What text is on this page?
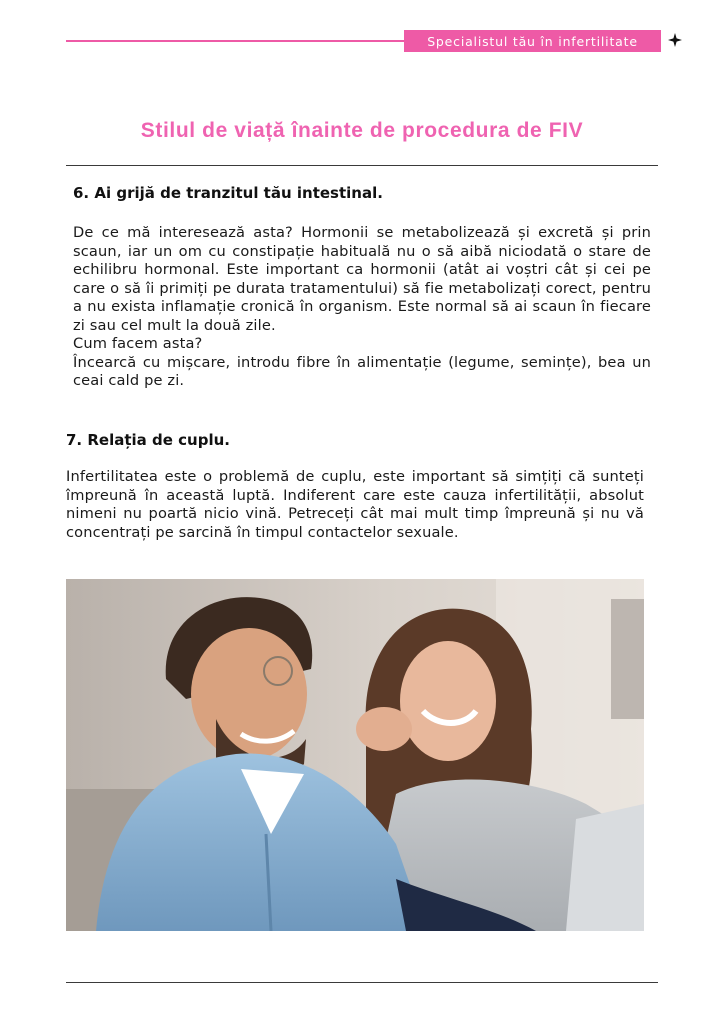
Specialistul tău în infertilitate
Stilul de viață înainte de procedura de FIV
6. Ai grijă de tranzitul tău intestinal.
De ce mă interesează asta? Hormonii se metabolizează și excretă și prin scaun, iar un om cu constipație habituală nu o să aibă niciodată o stare de echilibru hormonal. Este important ca hormonii (atât ai voștri cât și cei pe care o să îi primiți pe durata tratamentului) să fie metabolizați corect, pentru a nu exista inflamație cronică în organism. Este normal să ai scaun în fiecare zi sau cel mult la două zile.
Cum facem asta?
Încearcă cu mișcare, introdu fibre în alimentație (legume, semințe), bea un ceai cald pe zi.
7. Relația de cuplu.

Infertilitatea este o problemă de cuplu, este important să simțiți că sunteți împreună în această luptă. Indiferent care este cauza infertilității, absolut nimeni nu poartă nicio vină. Petreceți cât mai mult timp împreună și nu vă concentrați pe sarcină în timpul contactelor sexuale.
